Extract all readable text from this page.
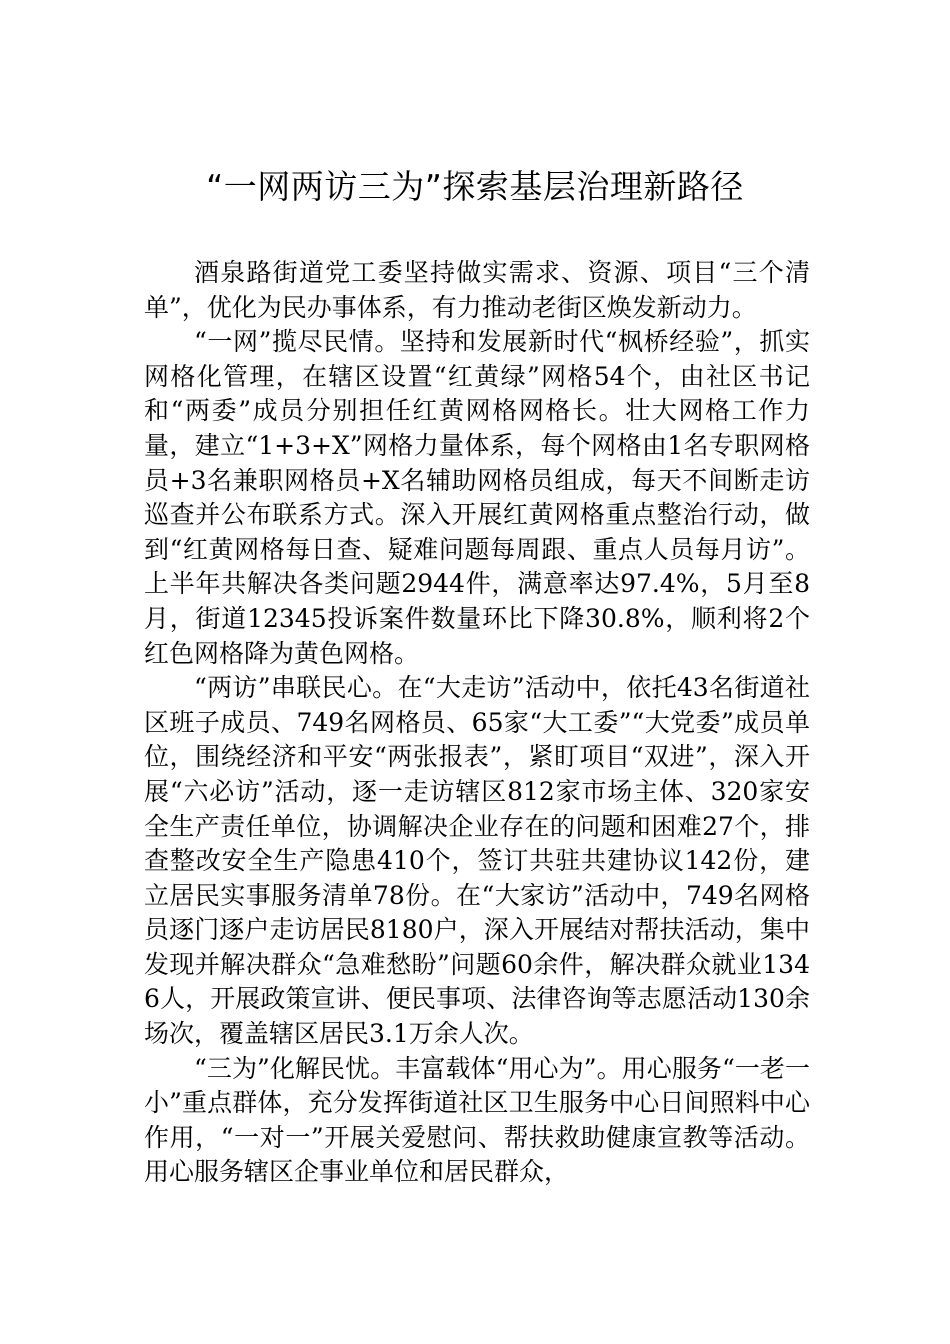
“一网两访三为”探索基层治理新路径

酒泉路街道党工委坚持做实需求、资源、项目“三个清单”，优化为民办事体系，有力推动老街区焕发新动力。

“一网”揽尽民情。坚持和发展新时代“枫桥经验”，抓实网格化管理，在辖区设置“红黄绿”网格54个，由社区书记和“两委”成员分别担任红黄网格网格长。壮大网格工作力量，建立“1+3+X”网格力量体系，每个网格由1名专职网格员+3名兼职网格员+X名辅助网格员组成，每天不间断走访巡查并公布联系方式。深入开展红黄网格重点整治行动，做到“红黄网格每日查、疑难问题每周跟、重点人员每月访”。上半年共解决各类问题2944件，满意率达97.4%，5月至8月，街道12345投诉案件数量环比下降30.8%，顺利将2个红色网格降为黄色网格。

“两访”串联民心。在“大走访”活动中，依托43名街道社区班子成员、749名网格员、65家“大工委”“大党委”成员单位，围绕经济和平安“两张报表”，紧盯项目“双进”，深入开展“六必访”活动，逐一走访辖区812家市场主体、320家安全生产责任单位，协调解决企业存在的问题和困难27个，排查整改安全生产隐患410个，签订共驻共建协议142份，建立居民实事服务清单78份。在“大家访”活动中，749名网格员逐门逐户走访居民8180户，深入开展结对帮扶活动，集中发现并解决群众“急难愁盼”问题60余件，解决群众就业1346人，开展政策宣讲、便民事项、法律咨询等志愿活动130余场次，覆盖辖区居民3.1万余人次。

“三为”化解民忧。丰富载体“用心为”。用心服务“一老一小”重点群体，充分发挥街道社区卫生服务中心日间照料中心作用，“一对一”开展关爱慰问、帮扶救助健康宣教等活动。用心服务辖区企事业单位和居民群众，
